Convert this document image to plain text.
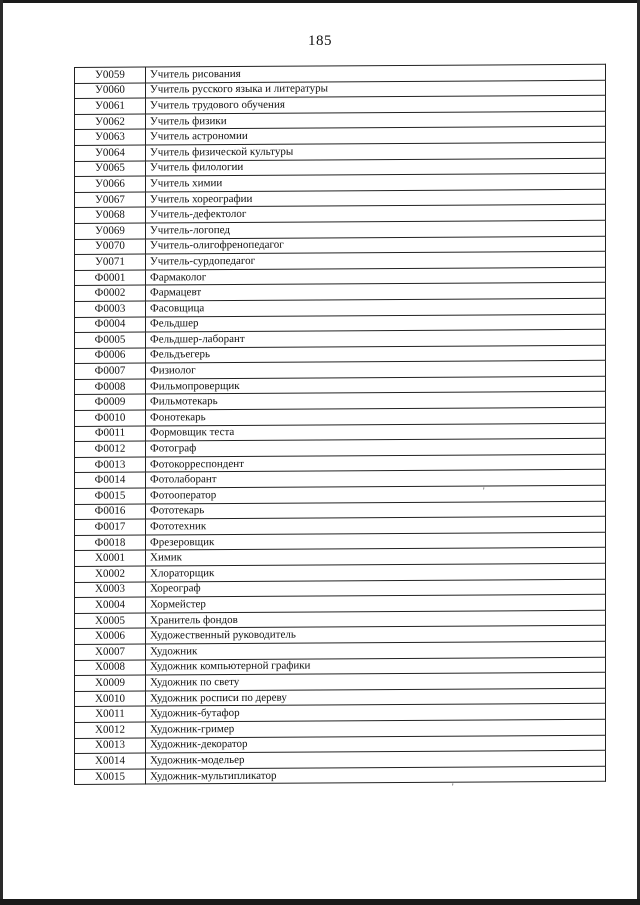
185
У0059	Учитель рисования
У0060	Учитель русского языка и литературы
У0061	Учитель трудового обучения
У0062	Учитель физики
У0063	Учитель астрономии
У0064	Учитель физической культуры
У0065	Учитель филологии
У0066	Учитель химии
У0067	Учитель хореографии
У0068	Учитель-дефектолог
У0069	Учитель-логопед
У0070	Учитель-олигофренопедагог
У0071	Учитель-сурдопедагог
Ф0001	Фармаколог
Ф0002	Фармацевт
Ф0003	Фасовщица
Ф0004	Фельдшер
Ф0005	Фельдшер-лаборант
Ф0006	Фельдъегерь
Ф0007	Физиолог
Ф0008	Фильмопроверщик
Ф0009	Фильмотекарь
Ф0010	Фонотекарь
Ф0011	Формовщик теста
Ф0012	Фотограф
Ф0013	Фотокорреспондент
Ф0014	Фотолаборант
Ф0015	Фотооператор
Ф0016	Фототекарь
Ф0017	Фототехник
Ф0018	Фрезеровщик
Х0001	Химик
Х0002	Хлораторщик
Х0003	Хореограф
Х0004	Хормейстер
Х0005	Хранитель фондов
Х0006	Художественный руководитель
Х0007	Художник
Х0008	Художник компьютерной графики
Х0009	Художник по свету
Х0010	Художник росписи по дереву
Х0011	Художник-бутафор
Х0012	Художник-гример
Х0013	Художник-декоратор
Х0014	Художник-модельер
Х0015	Художник-мультипликатор
'
'
